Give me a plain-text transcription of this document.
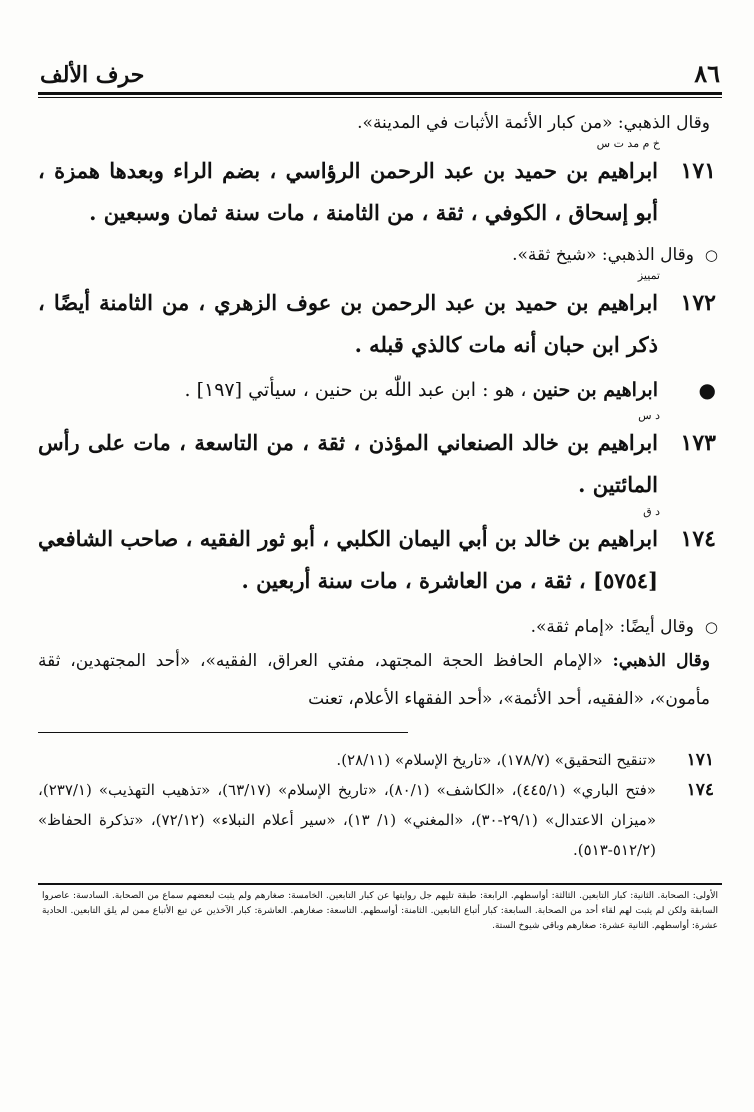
٨٦
حرف الألف
وقال الذهبي: «من كبار الأئمة الأثبات في المدينة».
خ م مد ت س
١٧١
ابراهيم بن حميد بن عبد الرحمن الرؤاسي ، بضم الراء وبعدها همزة ، أبو إسحاق ، الكوفي ، ثقة ، من الثامنة ، مات سنة ثمان وسبعين .
○
وقال الذهبي: «شيخ ثقة».
تمييز
١٧٢
ابراهيم بن حميد بن عبد الرحمن بن عوف الزهري ، من الثامنة أيضًا ، ذكر ابن حبان أنه مات كالذي قبله .
●
ابراهيم بن حنين ، هو : ابن عبد اللّٰه بن حنين ، سيأتي [١٩٧] .
د س
١٧٣
ابراهيم بن خالد الصنعاني المؤذن ، ثقة ، من التاسعة ، مات على رأس المائتين .
د ق
١٧٤
ابراهيم بن خالد بن أبي اليمان الكلبي ، أبو ثور الفقيه ، صاحب الشافعي [٥٧٥٤] ، ثقة ، من العاشرة ، مات سنة أربعين .
○
وقال أيضًا: «إمام ثقة».
وقال الذهبي: «الإمام الحافظ الحجة المجتهد، مفتي العراق، الفقيه»، «أحد المجتهدين، ثقة مأمون»، «الفقيه، أحد الأئمة»، «أحد الفقهاء الأعلام، تعنت
١٧١
«تنقيح التحقيق» (١٧٨/٧)، «تاريخ الإسلام» (٢٨/١١).
١٧٤
«فتح الباري» (٤٤٥/١)، «الكاشف» (٨٠/١)، «تاريخ الإسلام» (٦٣/١٧)، «تذهيب التهذيب» (٢٣٧/١)، «ميزان الاعتدال» (٢٩/١-٣٠)، «المغني» (١/ ١٣)، «سير أعلام النبلاء» (٧٢/١٢)، «تذكرة الحفاظ» (٥١٢/٢-٥١٣).
الأولى: الصحابة. الثانية: كبار التابعين. الثالثة: أواسطهم. الرابعة: طبقة تليهم جل روايتها عن كبار التابعين. الخامسة: صغارهم ولم يثبت لبعضهم سماع من الصحابة. السادسة: عاصروا السابقة ولكن لم يثبت لهم لقاء أحد من الصحابة. السابعة: كبار أتباع التابعين. الثامنة: أواسطهم. التاسعة: صغارهم. العاشرة: كبار الآخذين عن تبع الأتباع ممن لم يلق التابعين. الحادية عشرة: أواسطهم. الثانية عشرة: صغارهم وباقي شيوخ الستة.
